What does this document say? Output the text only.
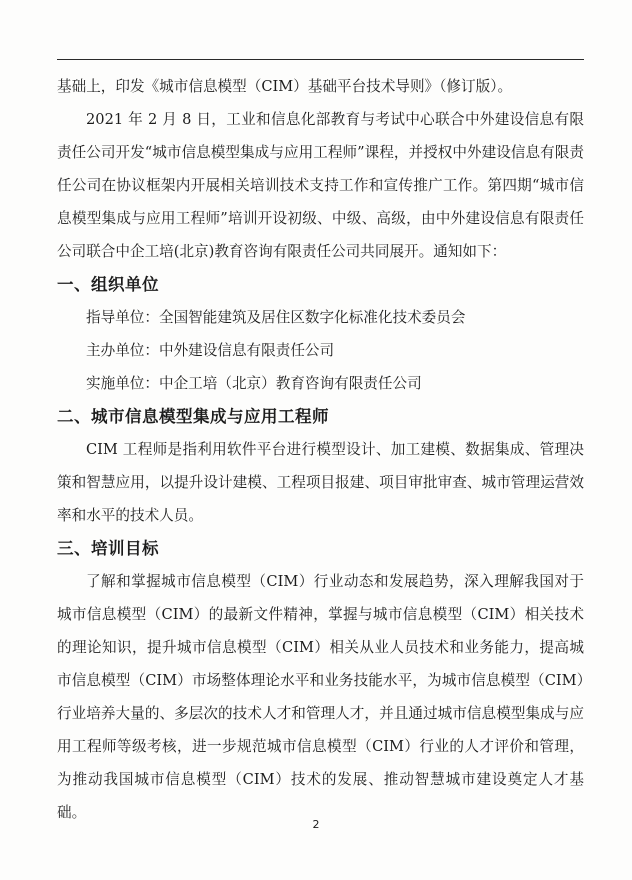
基础上，印发《城市信息模型（CIM）基础平台技术导则》（修订版）。

2021 年 2 月 8 日，工业和信息化部教育与考试中心联合中外建设信息有限责任公司开发“城市信息模型集成与应用工程师”课程，并授权中外建设信息有限责任公司在协议框架内开展相关培训技术支持工作和宣传推广工作。第四期“城市信息模型集成与应用工程师”培训开设初级、中级、高级，由中外建设信息有限责任公司联合中企工培(北京)教育咨询有限责任公司共同展开。通知如下：

一、组织单位

指导单位：全国智能建筑及居住区数字化标准化技术委员会

主办单位：中外建设信息有限责任公司

实施单位：中企工培（北京）教育咨询有限责任公司

二、城市信息模型集成与应用工程师

CIM 工程师是指利用软件平台进行模型设计、加工建模、数据集成、管理决策和智慧应用，以提升设计建模、工程项目报建、项目审批审查、城市管理运营效率和水平的技术人员。

三、培训目标

了解和掌握城市信息模型（CIM）行业动态和发展趋势，深入理解我国对于城市信息模型（CIM）的最新文件精神，掌握与城市信息模型（CIM）相关技术的理论知识，提升城市信息模型（CIM）相关从业人员技术和业务能力，提高城市信息模型（CIM）市场整体理论水平和业务技能水平，为城市信息模型（CIM）行业培养大量的、多层次的技术人才和管理人才，并且通过城市信息模型集成与应用工程师等级考核，进一步规范城市信息模型（CIM）行业的人才评价和管理，为推动我国城市信息模型（CIM）技术的发展、推动智慧城市建设奠定人才基础。

2
